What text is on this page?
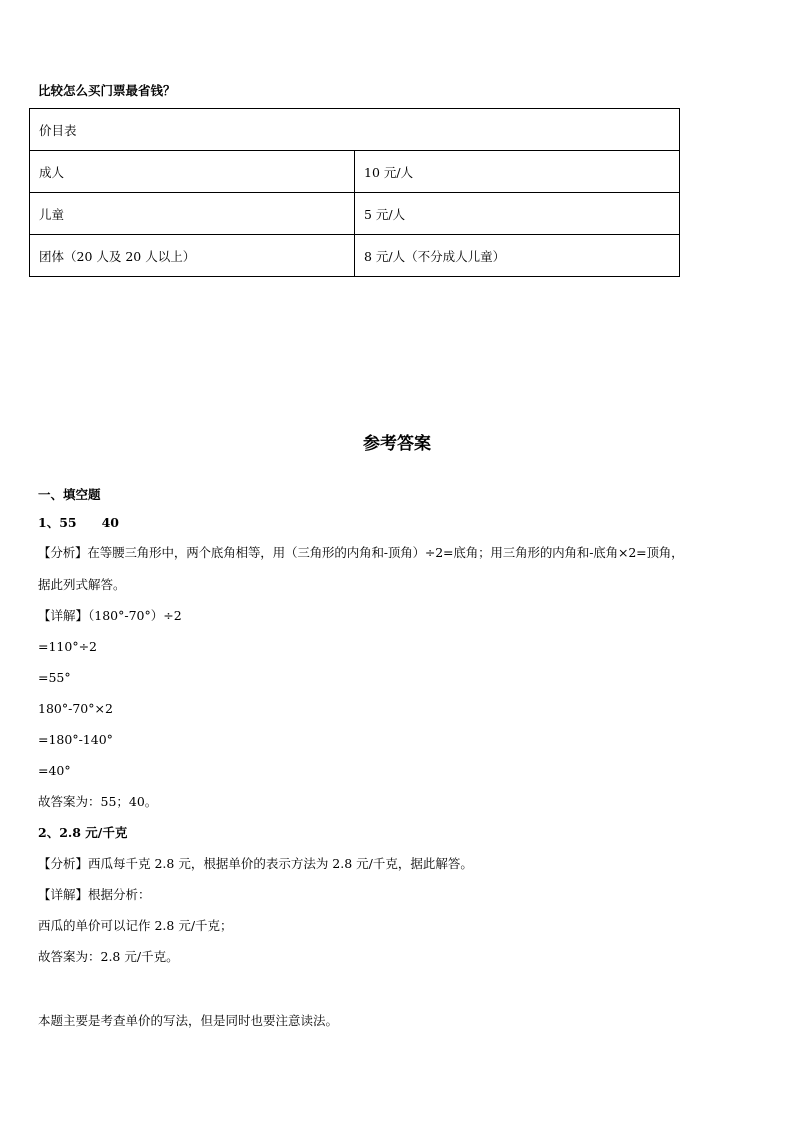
比较怎么买门票最省钱？
价目表	
成人	10 元/人
儿童	5 元/人
团体（20 人及 20 人以上）	8 元/人（不分成人儿童）
参考答案
一、填空题
1、55　　40
【分析】在等腰三角形中，两个底角相等，用（三角形的内角和-顶角）÷2=底角；用三角形的内角和-底角×2=顶角，
据此列式解答。
【详解】（180°-70°）÷2
=110°÷2
=55°
180°-70°×2
=180°-140°
=40°
故答案为：55；40。
2、2.8 元/千克
【分析】西瓜每千克 2.8 元，根据单价的表示方法为 2.8 元/千克，据此解答。
【详解】根据分析：
西瓜的单价可以记作 2.8 元/千克；
故答案为：2.8 元/千克。
本题主要是考查单价的写法，但是同时也要注意读法。
